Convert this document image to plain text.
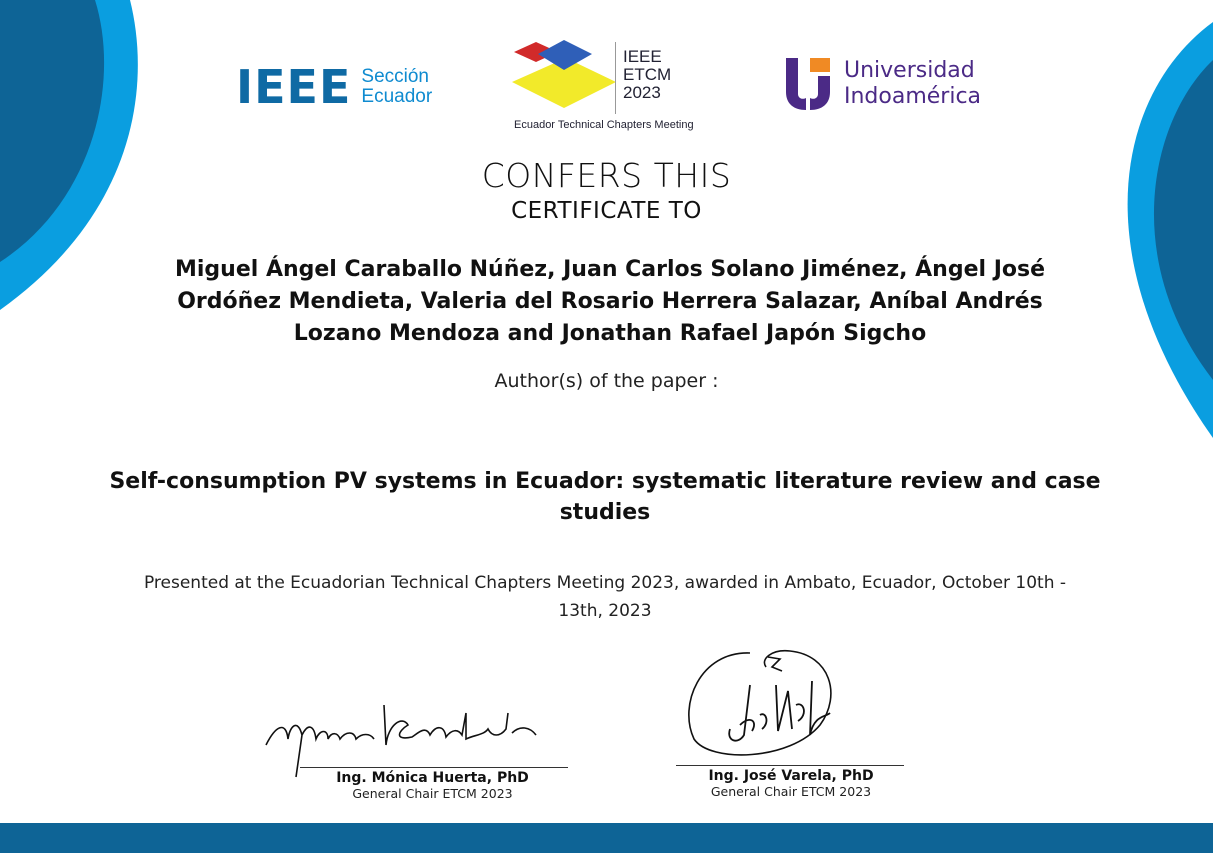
IEEE Sección
Ecuador
IEEE
ETCM
2023
Ecuador Technical Chapters Meeting
Universidad
Indoamérica
CONFERS THIS
CERTIFICATE TO
Miguel Ángel Caraballo Núñez, Juan Carlos Solano Jiménez, Ángel José Ordóñez Mendieta, Valeria del Rosario Herrera Salazar, Aníbal Andrés Lozano Mendoza and Jonathan Rafael Japón Sigcho
Author(s) of the paper :
Self-consumption PV systems in Ecuador: systematic literature review and case studies
Presented at the Ecuadorian Technical Chapters Meeting 2023, awarded in Ambato, Ecuador, October 10th - 13th, 2023
Ing. Mónica Huerta, PhD
General Chair ETCM 2023
Ing. José Varela, PhD
General Chair ETCM 2023
